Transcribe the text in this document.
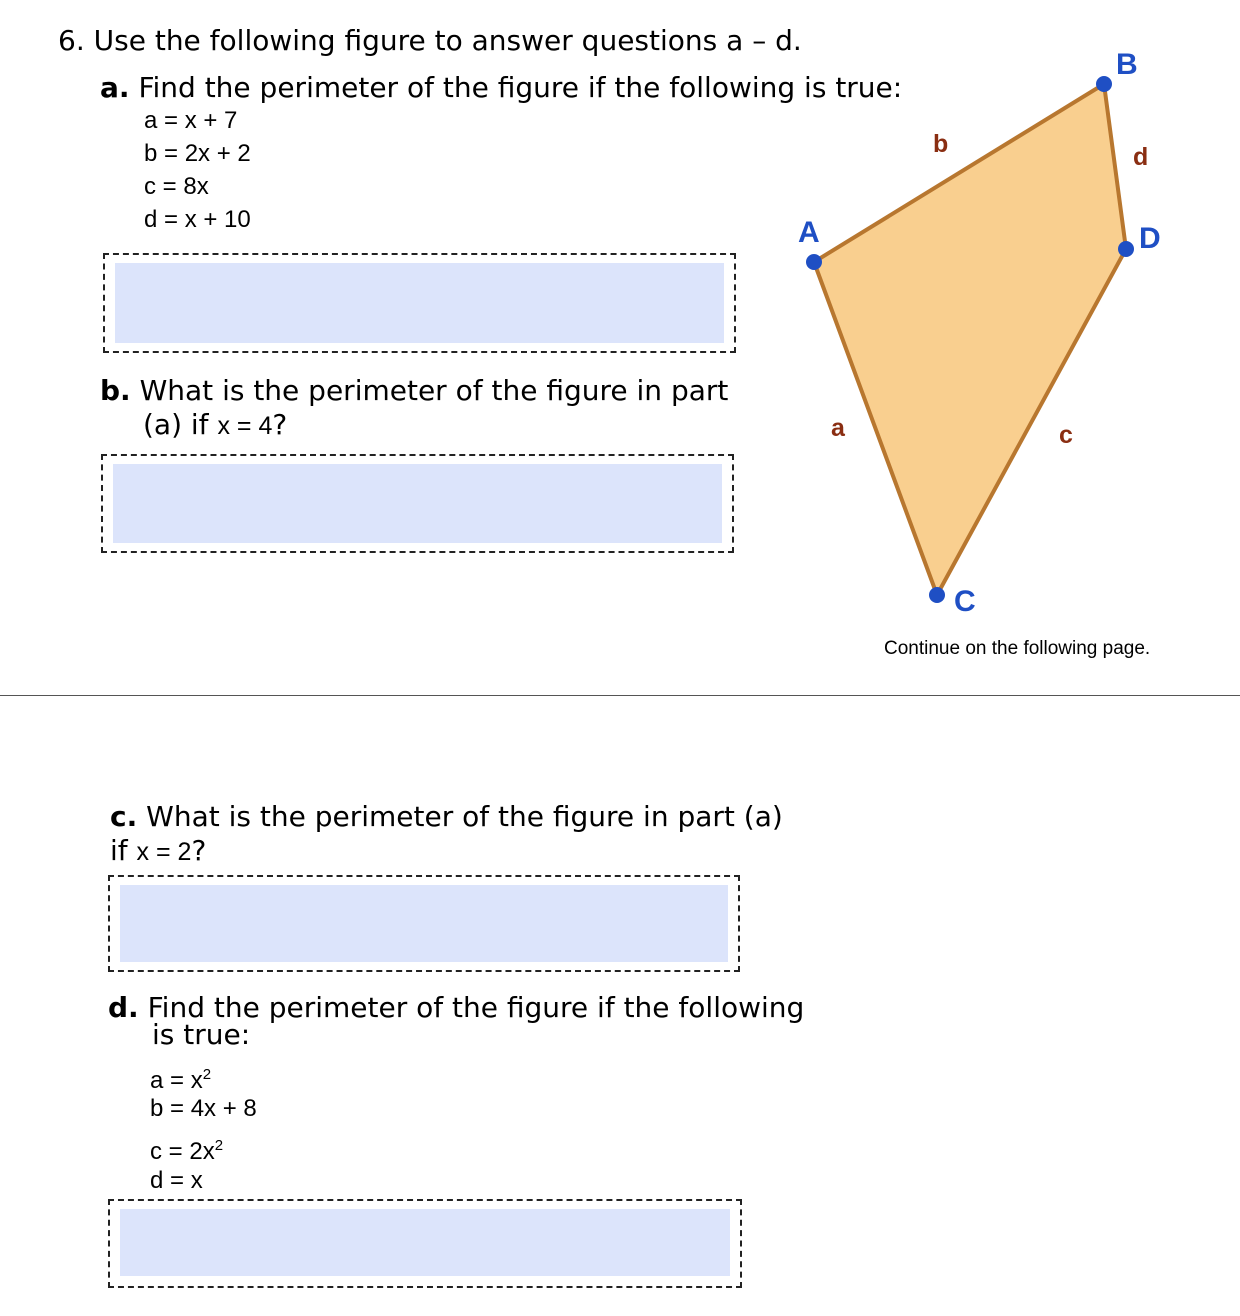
6. Use the following figure to answer questions a – d.
a. Find the perimeter of the figure if the following is true:
a = x + 7
b = 2x + 2
c = 8x
d = x + 10
b. What is the perimeter of the figure in part
(a) if x = 4?
A
B
D
C
a
b
c
d
Continue on the following page.
c. What is the perimeter of the figure in part (a)
if x = 2?
d. Find the perimeter of the figure if the following
is true:
$a = x^2$
b = 4x + 8
$c = 2x^2$
d = x
